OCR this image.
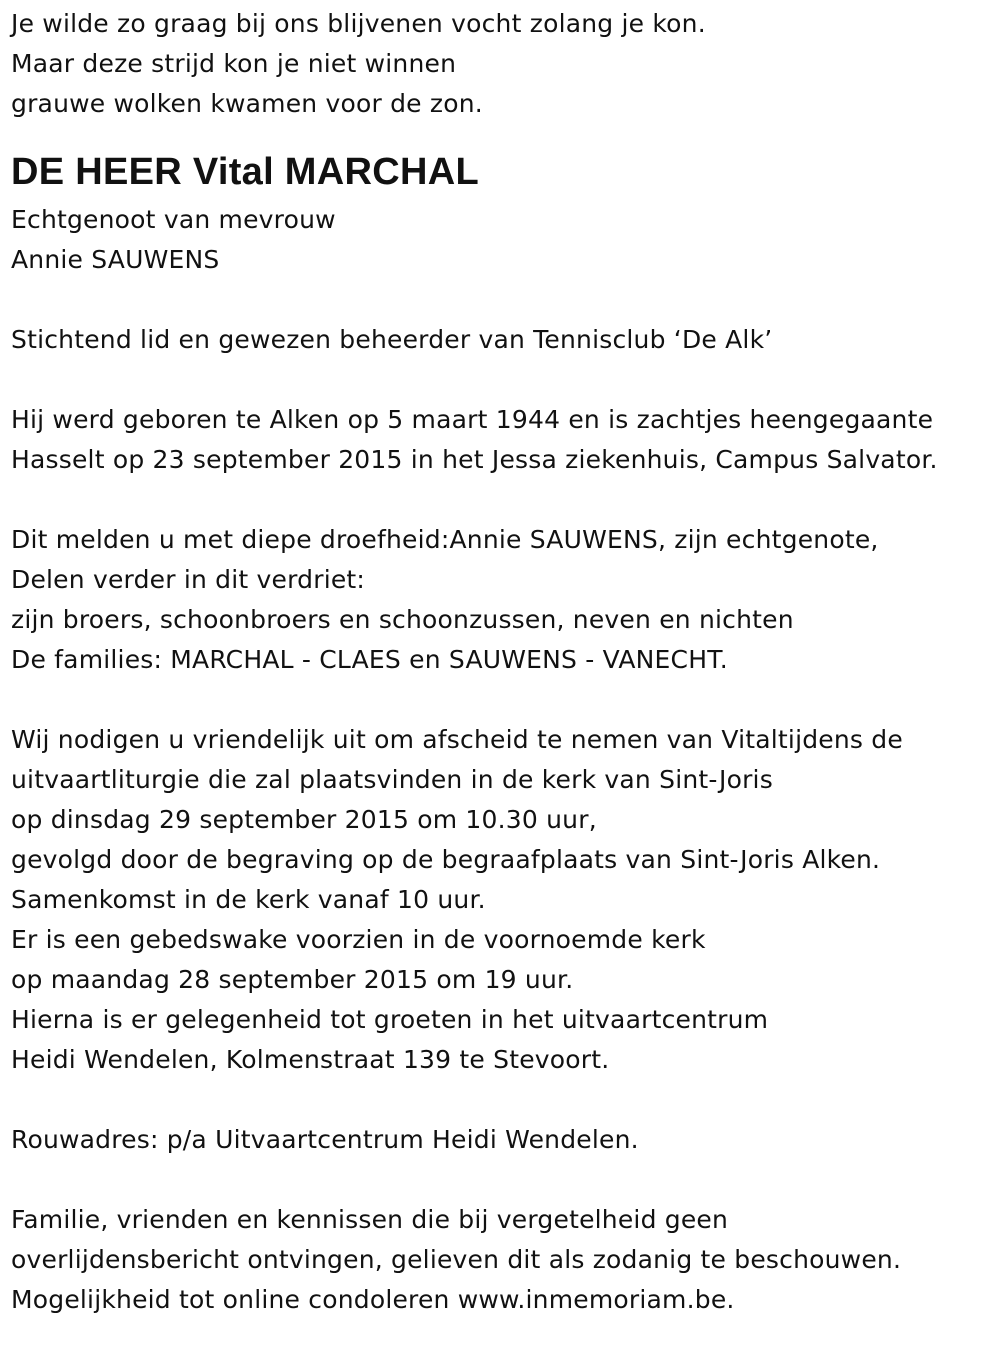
Je wilde zo graag bij ons blijvenen vocht zolang je kon.
Maar deze strijd kon je niet winnen
grauwe wolken kwamen voor de zon.
DE HEER Vital MARCHAL
Echtgenoot van mevrouw
Annie SAUWENS
Stichtend lid en gewezen beheerder van Tennisclub ‘De Alk’
Hij werd geboren te Alken op 5 maart 1944 en is zachtjes heengegaante
Hasselt op 23 september 2015 in het Jessa ziekenhuis, Campus Salvator.
Dit melden u met diepe droefheid:Annie SAUWENS, zijn echtgenote,
Delen verder in dit verdriet:
zijn broers, schoonbroers en schoonzussen, neven en nichten
De families: MARCHAL - CLAES en SAUWENS - VANECHT.
Wij nodigen u vriendelijk uit om afscheid te nemen van Vitaltijdens de
uitvaartliturgie die zal plaatsvinden in de kerk van Sint-Joris
op dinsdag 29 september 2015 om 10.30 uur,
gevolgd door de begraving op de begraafplaats van Sint-Joris Alken.
Samenkomst in de kerk vanaf 10 uur.
Er is een gebedswake voorzien in de voornoemde kerk
op maandag 28 september 2015 om 19 uur.
Hierna is er gelegenheid tot groeten in het uitvaartcentrum
Heidi Wendelen, Kolmenstraat 139 te Stevoort.
Rouwadres: p/a Uitvaartcentrum Heidi Wendelen.
Familie, vrienden en kennissen die bij vergetelheid geen
overlijdensbericht ontvingen, gelieven dit als zodanig te beschouwen.
Mogelijkheid tot online condoleren www.inmemoriam.be.
